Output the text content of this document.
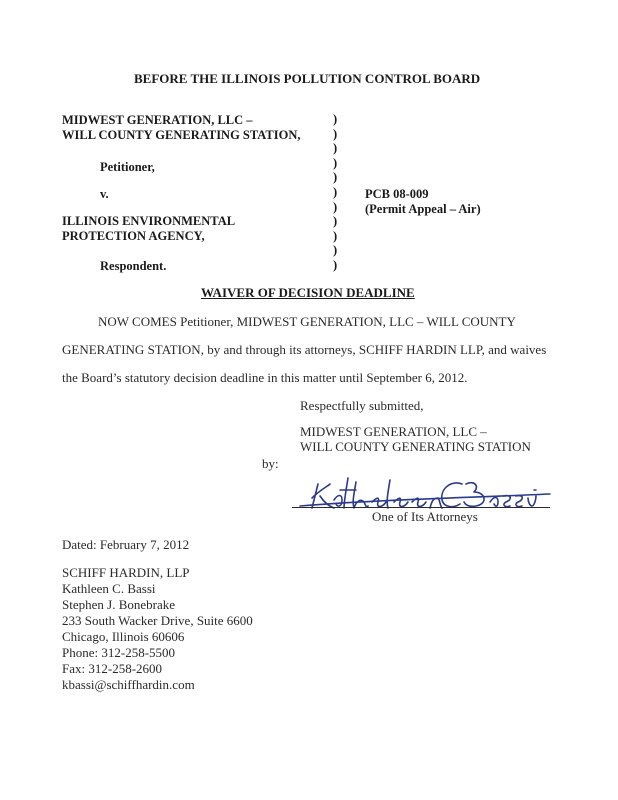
BEFORE THE ILLINOIS POLLUTION CONTROL BOARD
MIDWEST GENERATION, LLC –
WILL COUNTY GENERATING STATION,
Petitioner,
v.
ILLINOIS ENVIRONMENTAL
PROTECTION AGENCY,
Respondent.
)
)
)
)
)
)
)
)
)
)
)
PCB 08-009
(Permit Appeal – Air)
WAIVER OF DECISION DEADLINE
NOW COMES Petitioner, MIDWEST GENERATION, LLC – WILL COUNTY
GENERATING STATION, by and through its attorneys, SCHIFF HARDIN LLP, and waives
the Board’s statutory decision deadline in this matter until September 6, 2012.
Respectfully submitted,
MIDWEST GENERATION, LLC –
WILL COUNTY GENERATING STATION
by:
One of Its Attorneys
Dated: February 7, 2012
SCHIFF HARDIN, LLP
Kathleen C. Bassi
Stephen J. Bonebrake
233 South Wacker Drive, Suite 6600
Chicago, Illinois 60606
Phone: 312-258-5500
Fax: 312-258-2600
kbassi@schiffhardin.com
